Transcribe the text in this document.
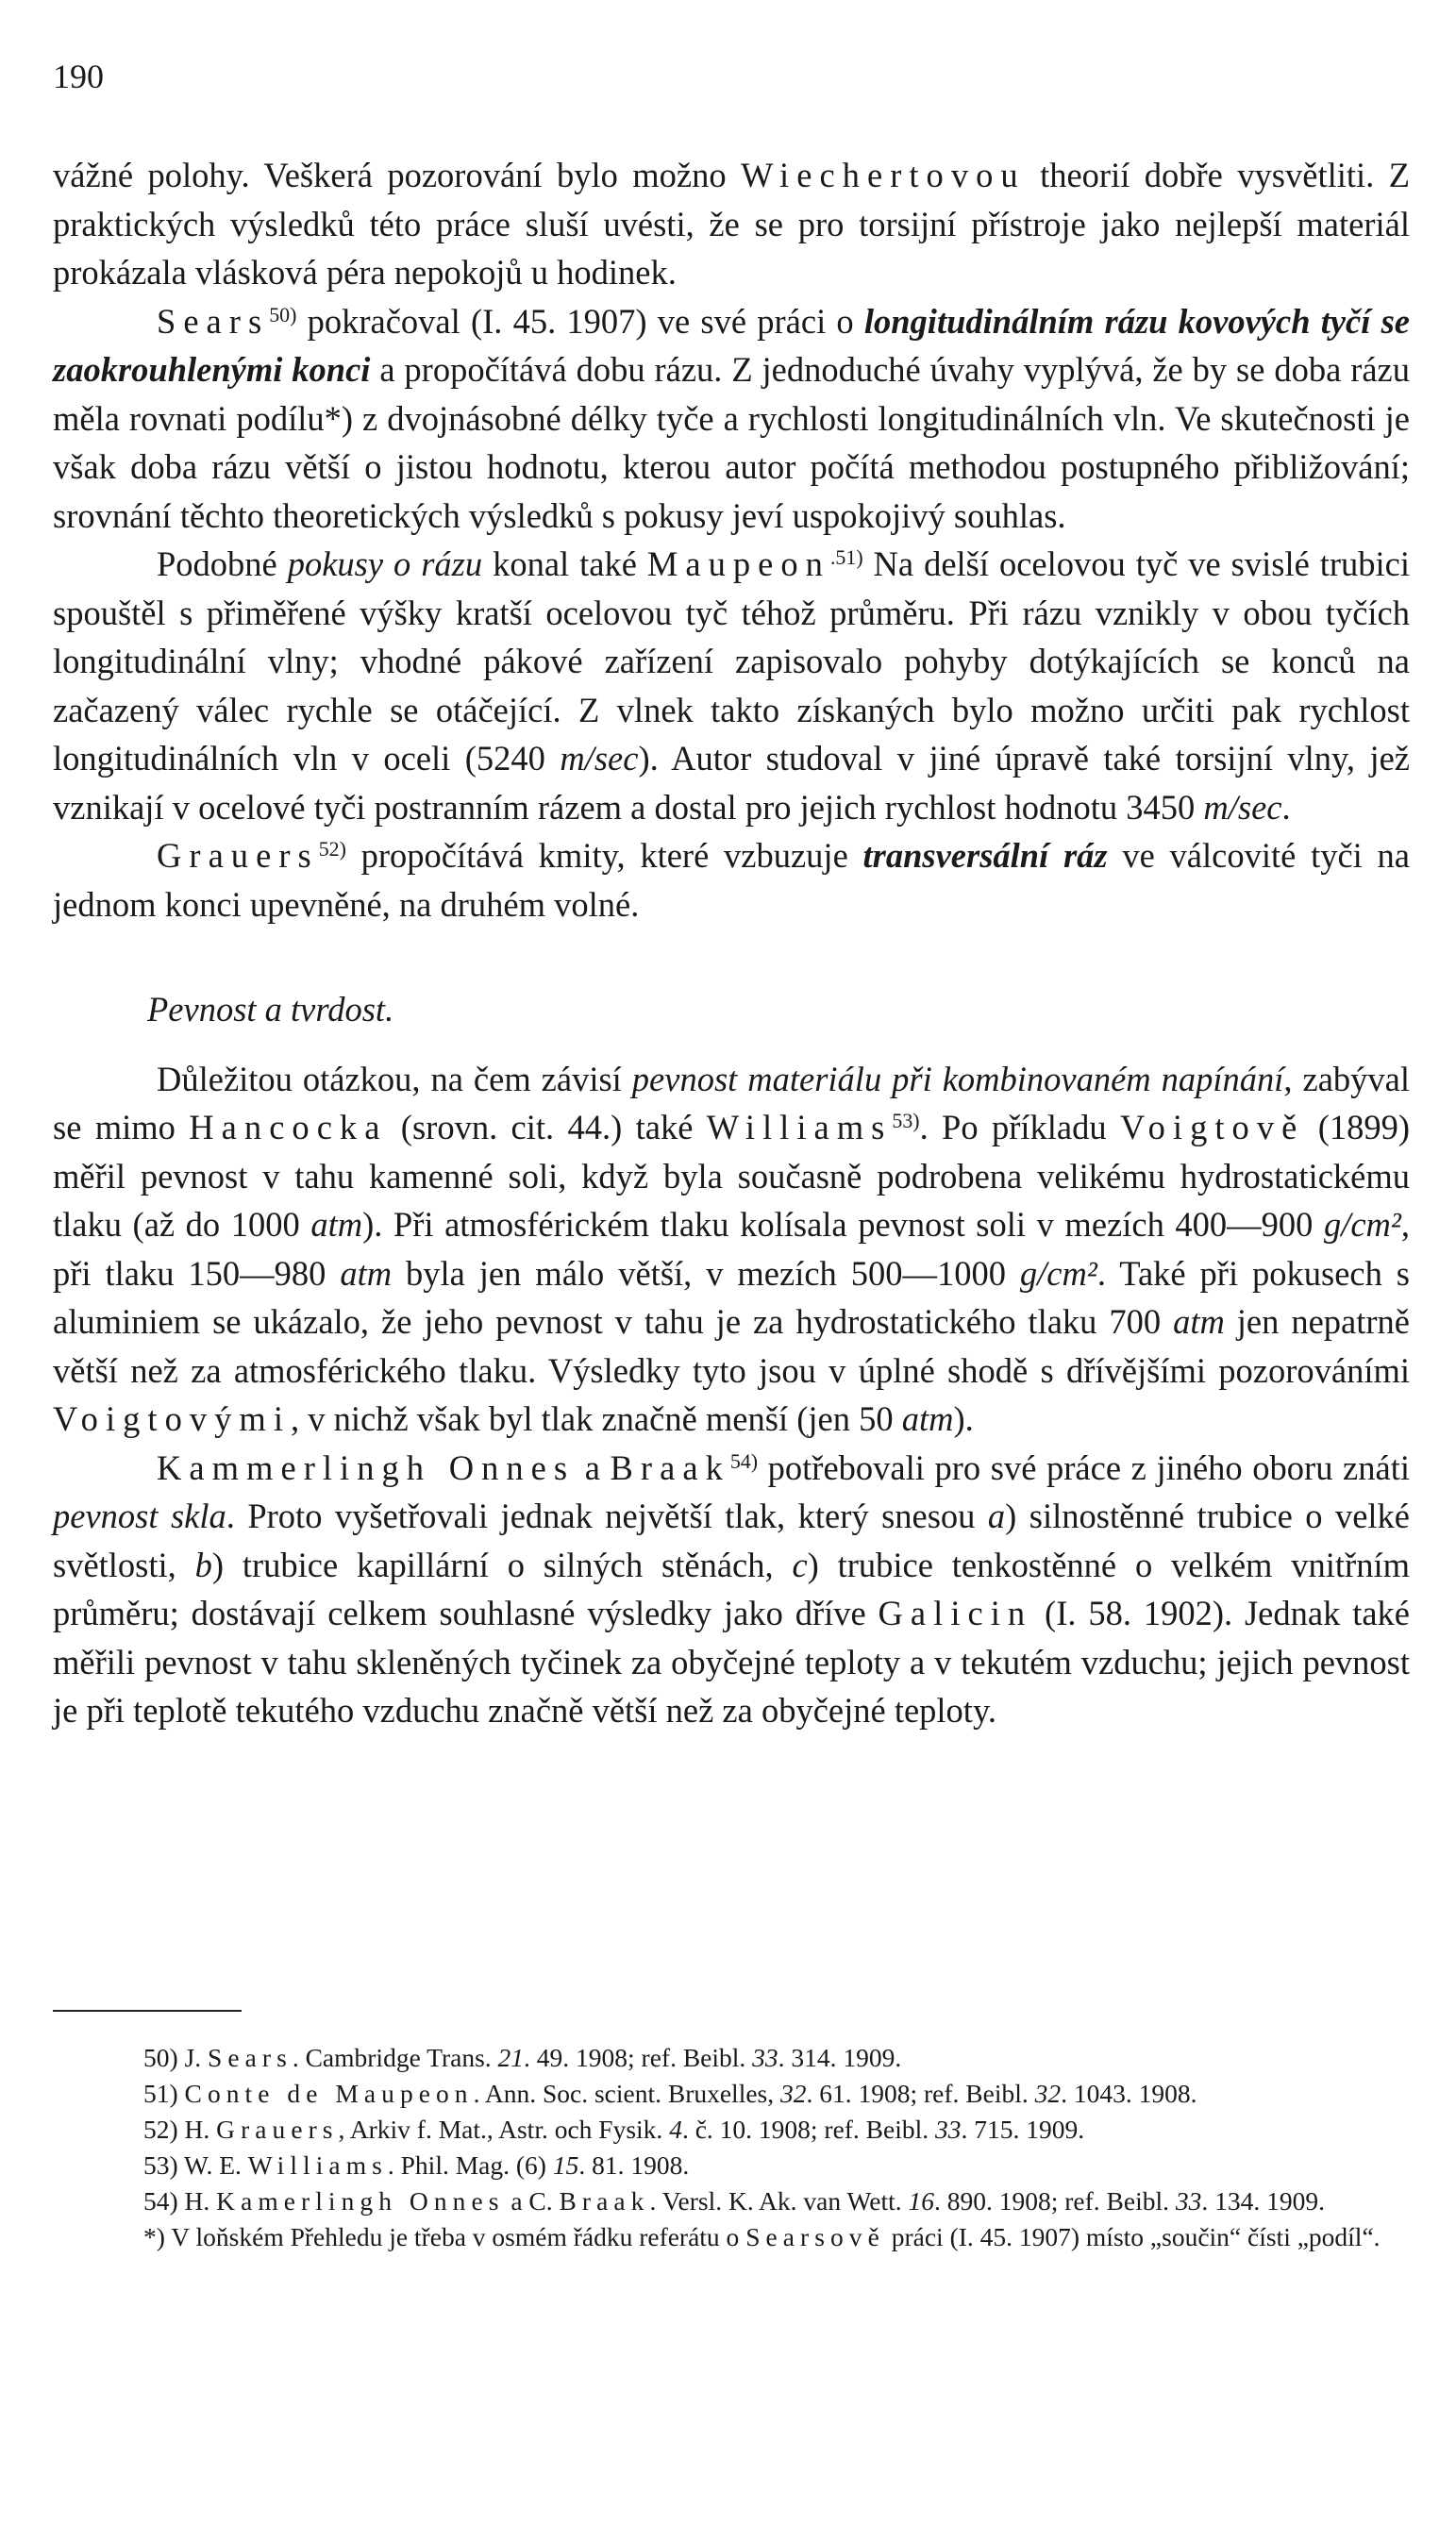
190

vážné polohy. Veškerá pozorování bylo možno Wiechertovou theorií dobře vysvětliti. Z praktických výsledků této práce sluší uvésti, že se pro torsijní přístroje jako nejlepší materiál prokázala vlásková péra nepokojů u hodinek.

Sears$^{50)}$ pokračoval (I. 45. 1907) ve své práci o longitudinálním rázu kovových tyčí se zaokrouhlenými konci a propočítává dobu rázu. Z jednoduché úvahy vyplývá, že by se doba rázu měla rovnati podílu*) z dvojnásobné délky tyče a rychlosti longitudinálních vln. Ve skutečnosti je však doba rázu větší o jistou hodnotu, kterou autor počítá methodou postupného přibližování; srovnání těchto theoretických výsledků s pokusy jeví uspokojivý souhlas.

Podobné pokusy o rázu konal také Maupeon$^{.51)}$ Na delší ocelovou tyč ve svislé trubici spouštěl s přiměřené výšky kratší ocelovou tyč téhož průměru. Při rázu vznikly v obou tyčích longitudinální vlny; vhodné pákové zařízení zapisovalo pohyby dotýkajících se konců na začazený válec rychle se otáčející. Z vlnek takto získaných bylo možno určiti pak rychlost longitudinálních vln v oceli (5240 m/sec). Autor studoval v jiné úpravě také torsijní vlny, jež vznikají v ocelové tyči postranním rázem a dostal pro jejich rychlost hodnotu 3450 m/sec.

Grauers$^{52)}$ propočítává kmity, které vzbuzuje transversální ráz ve válcovité tyči na jednom konci upevněné, na druhém volné.

Pevnost a tvrdost.

Důležitou otázkou, na čem závisí pevnost materiálu při kombinovaném napínání, zabýval se mimo Hancocka (srovn. cit. 44.) také Williams$^{53)}$. Po příkladu Voigtově (1899) měřil pevnost v tahu kamenné soli, když byla současně podrobena velikému hydrostatickému tlaku (až do 1000 atm). Při atmosférickém tlaku kolísala pevnost soli v mezích 400—900 g/cm², při tlaku 150—980 atm byla jen málo větší, v mezích 500—1000 g/cm². Také při pokusech s aluminiem se ukázalo, že jeho pevnost v tahu je za hydrostatického tlaku 700 atm jen nepatrně větší než za atmosférického tlaku. Výsledky tyto jsou v úplné shodě s dřívějšími pozorováními Voigtovými, v nichž však byl tlak značně menší (jen 50 atm).

Kammerlingh Onnes a Braak$^{54)}$ potřebovali pro své práce z jiného oboru znáti pevnost skla. Proto vyšetřovali jednak největší tlak, který snesou a) silnostěnné trubice o velké světlosti, b) trubice kapillární o silných stěnách, c) trubice tenkostěnné o velkém vnitřním průměru; dostávají celkem souhlasné výsledky jako dříve Galicin (I. 58. 1902). Jednak také měřili pevnost v tahu skleněných tyčinek za obyčejné teploty a v tekutém vzduchu; jejich pevnost je při teplotě tekutého vzduchu značně větší než za obyčejné teploty.

50) J. Sears. Cambridge Trans. 21. 49. 1908; ref. Beibl. 33. 314. 1909.

51) Conte de Maupeon. Ann. Soc. scient. Bruxelles, 32. 61. 1908; ref. Beibl. 32. 1043. 1908.

52) H. Grauers, Arkiv f. Mat., Astr. och Fysik. 4. č. 10. 1908; ref. Beibl. 33. 715. 1909.

53) W. E. Williams. Phil. Mag. (6) 15. 81. 1908.

54) H. Kamerlingh Onnes a C. Braak. Versl. K. Ak. van Wett. 16. 890. 1908; ref. Beibl. 33. 134. 1909.

*) V loňském Přehledu je třeba v osmém řádku referátu o Searsově práci (I. 45. 1907) místo „součin“ čísti „podíl“.
